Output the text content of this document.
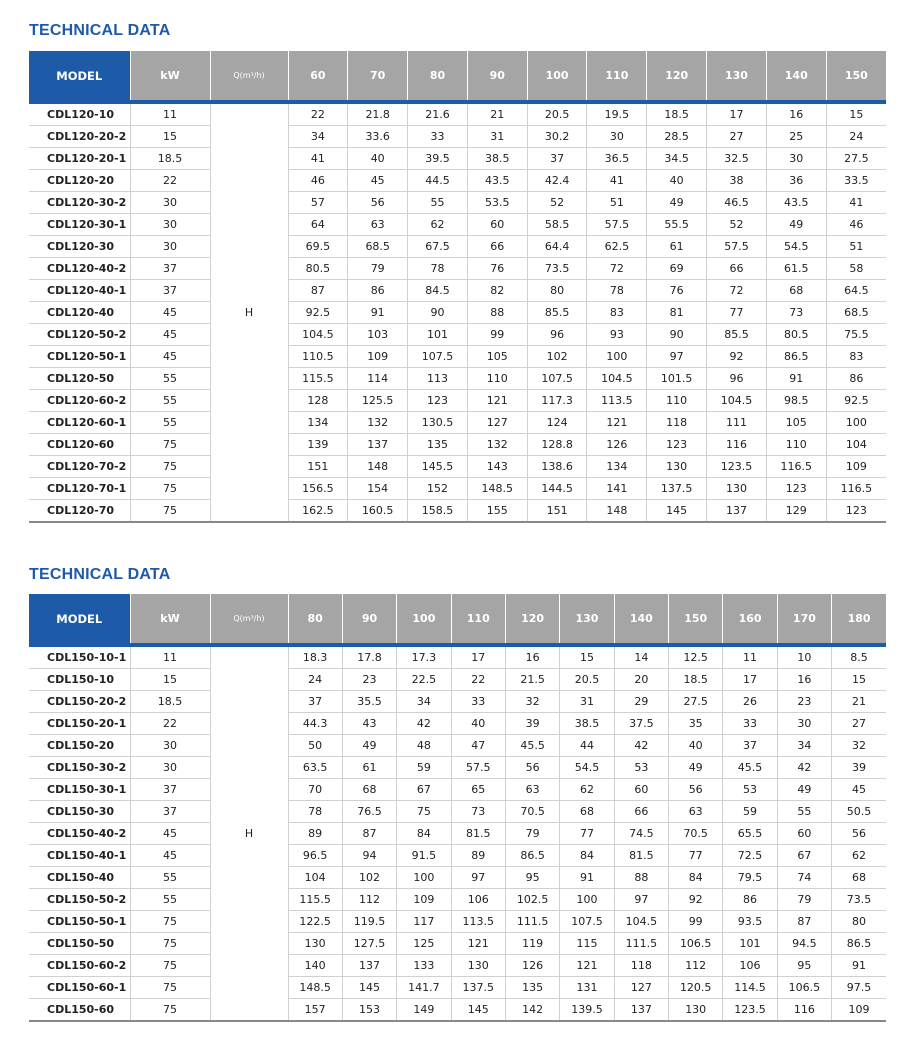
TECHNICAL DATA
MODEL	kW	Q(m³/h)	60	70	80	90	100	110	120	130	140	150
CDL120-10	11		22	21.8	21.6	21	20.5	19.5	18.5	17	16	15
CDL120-20-2	15		34	33.6	33	31	30.2	30	28.5	27	25	24
CDL120-20-1	18.5		41	40	39.5	38.5	37	36.5	34.5	32.5	30	27.5
CDL120-20	22		46	45	44.5	43.5	42.4	41	40	38	36	33.5
CDL120-30-2	30		57	56	55	53.5	52	51	49	46.5	43.5	41
CDL120-30-1	30		64	63	62	60	58.5	57.5	55.5	52	49	46
CDL120-30	30		69.5	68.5	67.5	66	64.4	62.5	61	57.5	54.5	51
CDL120-40-2	37		80.5	79	78	76	73.5	72	69	66	61.5	58
CDL120-40-1	37		87	86	84.5	82	80	78	76	72	68	64.5
CDL120-40	45	H	92.5	91	90	88	85.5	83	81	77	73	68.5
CDL120-50-2	45		104.5	103	101	99	96	93	90	85.5	80.5	75.5
CDL120-50-1	45		110.5	109	107.5	105	102	100	97	92	86.5	83
CDL120-50	55		115.5	114	113	110	107.5	104.5	101.5	96	91	86
CDL120-60-2	55		128	125.5	123	121	117.3	113.5	110	104.5	98.5	92.5
CDL120-60-1	55		134	132	130.5	127	124	121	118	111	105	100
CDL120-60	75		139	137	135	132	128.8	126	123	116	110	104
CDL120-70-2	75		151	148	145.5	143	138.6	134	130	123.5	116.5	109
CDL120-70-1	75		156.5	154	152	148.5	144.5	141	137.5	130	123	116.5
CDL120-70	75		162.5	160.5	158.5	155	151	148	145	137	129	123
TECHNICAL DATA
MODEL	kW	Q(m³/h)	80	90	100	110	120	130	140	150	160	170	180
CDL150-10-1	11		18.3	17.8	17.3	17	16	15	14	12.5	11	10	8.5
CDL150-10	15		24	23	22.5	22	21.5	20.5	20	18.5	17	16	15
CDL150-20-2	18.5		37	35.5	34	33	32	31	29	27.5	26	23	21
CDL150-20-1	22		44.3	43	42	40	39	38.5	37.5	35	33	30	27
CDL150-20	30		50	49	48	47	45.5	44	42	40	37	34	32
CDL150-30-2	30		63.5	61	59	57.5	56	54.5	53	49	45.5	42	39
CDL150-30-1	37		70	68	67	65	63	62	60	56	53	49	45
CDL150-30	37		78	76.5	75	73	70.5	68	66	63	59	55	50.5
CDL150-40-2	45	H	89	87	84	81.5	79	77	74.5	70.5	65.5	60	56
CDL150-40-1	45		96.5	94	91.5	89	86.5	84	81.5	77	72.5	67	62
CDL150-40	55		104	102	100	97	95	91	88	84	79.5	74	68
CDL150-50-2	55		115.5	112	109	106	102.5	100	97	92	86	79	73.5
CDL150-50-1	75		122.5	119.5	117	113.5	111.5	107.5	104.5	99	93.5	87	80
CDL150-50	75		130	127.5	125	121	119	115	111.5	106.5	101	94.5	86.5
CDL150-60-2	75		140	137	133	130	126	121	118	112	106	95	91
CDL150-60-1	75		148.5	145	141.7	137.5	135	131	127	120.5	114.5	106.5	97.5
CDL150-60	75		157	153	149	145	142	139.5	137	130	123.5	116	109
